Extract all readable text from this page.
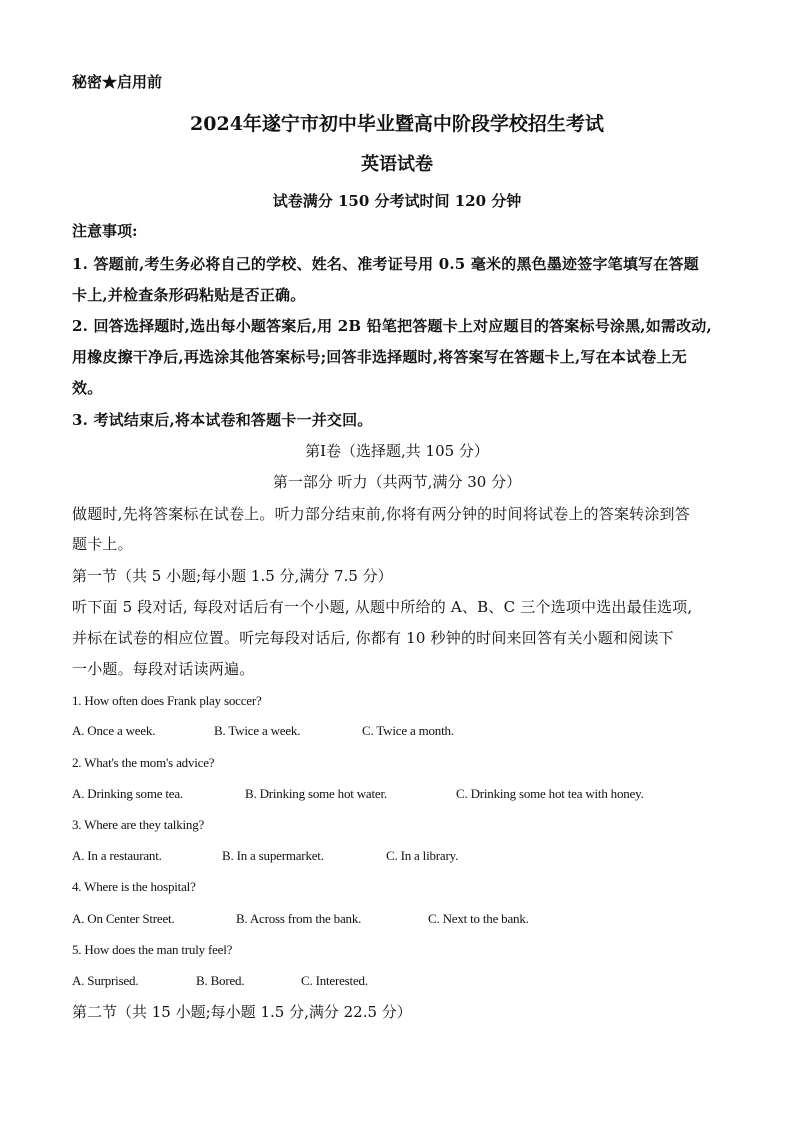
秘密★启用前
2024年遂宁市初中毕业暨高中阶段学校招生考试
英语试卷
试卷满分 150 分考试时间 120 分钟
注意事项:
1. 答题前,考生务必将自己的学校、姓名、准考证号用 0.5 毫米的黑色墨迹签字笔填写在答题
卡上,并检查条形码粘贴是否正确。
2. 回答选择题时,选出每小题答案后,用 2B 铅笔把答题卡上对应题目的答案标号涂黑,如需改动,
用橡皮擦干净后,再选涂其他答案标号;回答非选择题时,将答案写在答题卡上,写在本试卷上无
效。
3. 考试结束后,将本试卷和答题卡一并交回。
第Ⅰ卷（选择题,共 105 分）
第一部分 听力（共两节,满分 30 分）
做题时,先将答案标在试卷上。听力部分结束前,你将有两分钟的时间将试卷上的答案转涂到答
题卡上。
第一节（共 5 小题;每小题 1.5 分,满分 7.5 分）
听下面 5 段对话, 每段对话后有一个小题, 从题中所给的 A、B、C 三个选项中选出最佳选项,
并标在试卷的相应位置。听完每段对话后, 你都有 10 秒钟的时间来回答有关小题和阅读下
一小题。每段对话读两遍。
1. How often does Frank play soccer?
A. Once a week.	B. Twice a week.	C. Twice a month.
2. What's the mom's advice?
A. Drinking some tea.	B. Drinking some hot water.	C. Drinking some hot tea with honey.
3. Where are they talking?
A. In a restaurant.	B. In a supermarket.	C. In a library.
4. Where is the hospital?
A. On Center Street.	B. Across from the bank.	C. Next to the bank.
5. How does the man truly feel?
A. Surprised.	B. Bored.	C. Interested.
第二节（共 15 小题;每小题 1.5 分,满分 22.5 分）
